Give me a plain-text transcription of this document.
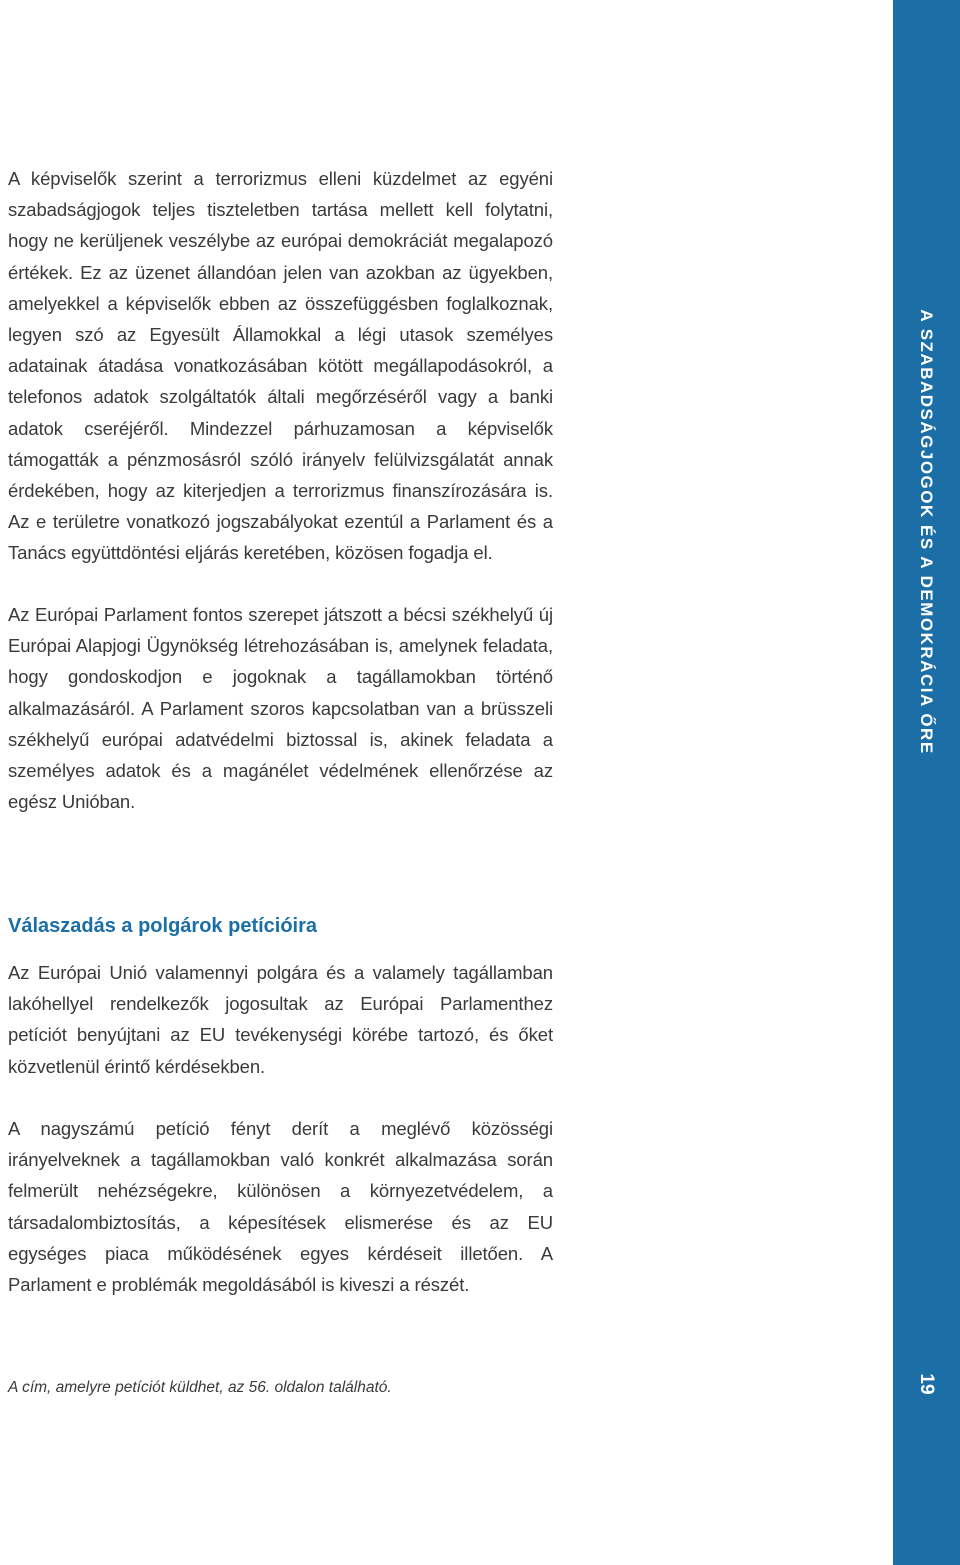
A képviselők szerint a terrorizmus elleni küzdelmet az egyéni szabadságjogok teljes tiszteletben tartása mellett kell folytatni, hogy ne kerüljenek veszélybe az európai demokráciát megalapozó értékek. Ez az üzenet állandóan jelen van azokban az ügyekben, amelyekkel a képviselők ebben az összefüggésben foglalkoznak, legyen szó az Egyesült Államokkal a légi utasok személyes adatainak átadása vonatkozásában kötött megállapodásokról, a telefonos adatok szolgáltatók általi megőrzéséről vagy a banki adatok cseréjéről. Mindezzel párhuzamosan a képviselők támogatták a pénzmosásról szóló irányelv felülvizsgálatát annak érdekében, hogy az kiterjedjen a terrorizmus finanszírozására is. Az e területre vonatkozó jogszabályokat ezentúl a Parlament és a Tanács együttdöntési eljárás keretében, közösen fogadja el.

Az Európai Parlament fontos szerepet játszott a bécsi székhelyű új Európai Alapjogi Ügynökség létrehozásában is, amelynek feladata, hogy gondoskodjon e jogoknak a tagállamokban történő alkalmazásáról. A Parlament szoros kapcsolatban van a brüsszeli székhelyű európai adatvédelmi biztossal is, akinek feladata a személyes adatok és a magánélet védelmének ellenőrzése az egész Unióban.

Válaszadás a polgárok petícióira

Az Európai Unió valamennyi polgára és a valamely tagállamban lakóhellyel rendelkezők jogosultak az Európai Parlamenthez petíciót benyújtani az EU tevékenységi körébe tartozó, és őket közvetlenül érintő kérdésekben.

A nagyszámú petíció fényt derít a meglévő közösségi irányelveknek a tagállamokban való konkrét alkalmazása során felmerült nehézségekre, különösen a környezetvédelem, a társadalombiztosítás, a képesítések elismerése és az EU egységes piaca működésének egyes kérdéseit illetően. A Parlament e problémák megoldásából is kiveszi a részét.

A cím, amelyre petíciót küldhet, az 56. oldalon található.

A SZABADSÁGJOGOK ÉS A DEMOKRÁCIA ŐRE
19
